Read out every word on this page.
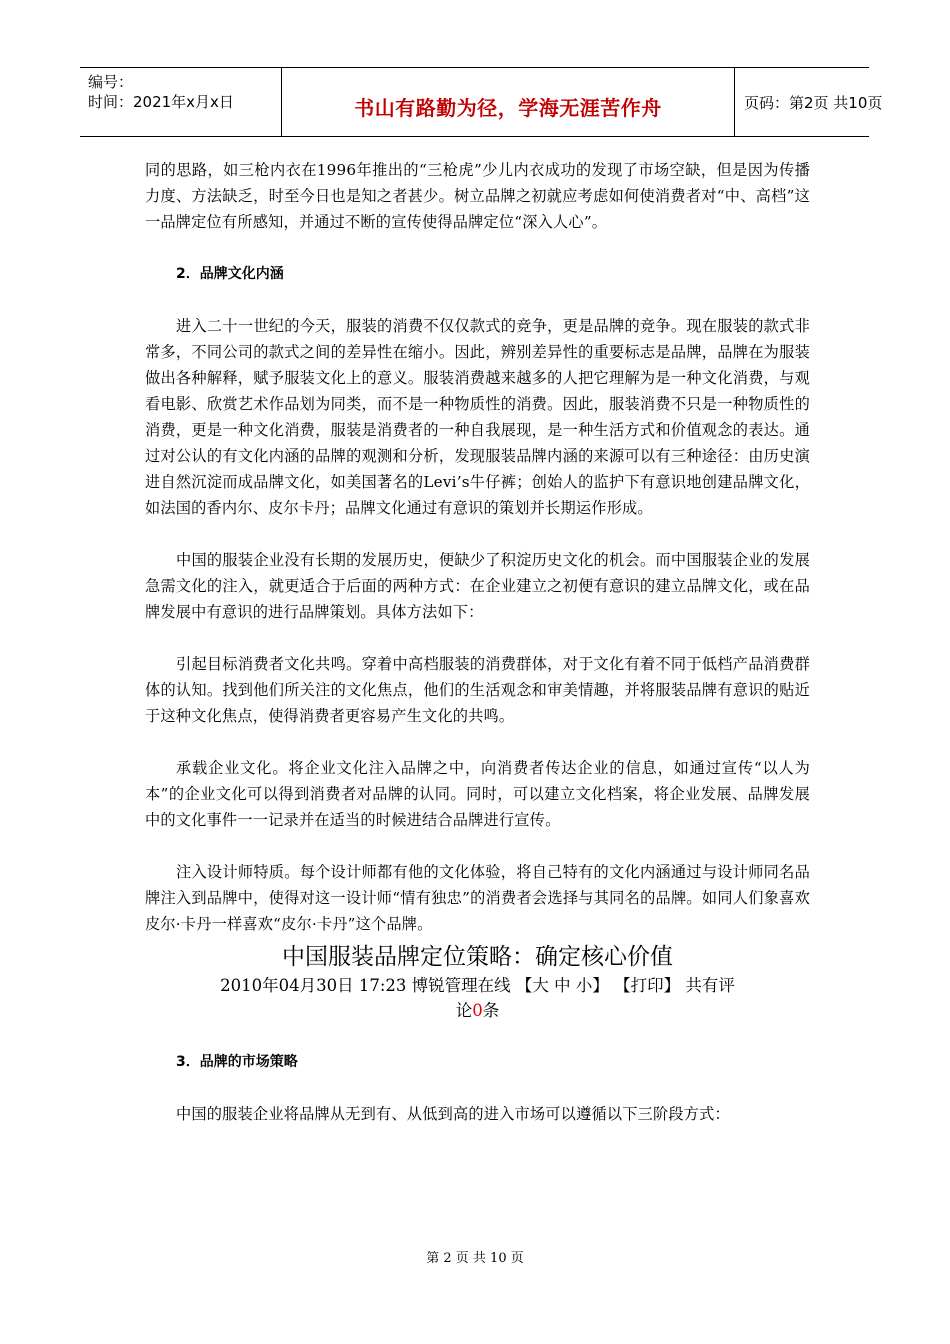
编号：
时间：2021年x月x日	书山有路勤为径，学海无涯苦作舟	页码：第2页 共10页

同的思路，如三枪内衣在1996年推出的“三枪虎”少儿内衣成功的发现了市场空缺，但是因为传播力度、方法缺乏，时至今日也是知之者甚少。树立品牌之初就应考虑如何使消费者对“中、高档”这一品牌定位有所感知，并通过不断的宣传使得品牌定位“深入人心”。

2．品牌文化内涵

进入二十一世纪的今天，服装的消费不仅仅款式的竞争，更是品牌的竞争。现在服装的款式非常多，不同公司的款式之间的差异性在缩小。因此，辨别差异性的重要标志是品牌，品牌在为服装做出各种解释，赋予服装文化上的意义。服装消费越来越多的人把它理解为是一种文化消费，与观看电影、欣赏艺术作品划为同类，而不是一种物质性的消费。因此，服装消费不只是一种物质性的消费，更是一种文化消费，服装是消费者的一种自我展现，是一种生活方式和价值观念的表达。通过对公认的有文化内涵的品牌的观测和分析，发现服装品牌内涵的来源可以有三种途径：由历史演进自然沉淀而成品牌文化，如美国著名的Levi’s牛仔裤；创始人的监护下有意识地创建品牌文化，如法国的香内尔、皮尔卡丹；品牌文化通过有意识的策划并长期运作形成。

中国的服装企业没有长期的发展历史，便缺少了积淀历史文化的机会。而中国服装企业的发展急需文化的注入，就更适合于后面的两种方式：在企业建立之初便有意识的建立品牌文化，或在品牌发展中有意识的进行品牌策划。具体方法如下：

引起目标消费者文化共鸣。穿着中高档服装的消费群体，对于文化有着不同于低档产品消费群体的认知。找到他们所关注的文化焦点，他们的生活观念和审美情趣，并将服装品牌有意识的贴近于这种文化焦点，使得消费者更容易产生文化的共鸣。

承载企业文化。将企业文化注入品牌之中，向消费者传达企业的信息，如通过宣传“以人为本”的企业文化可以得到消费者对品牌的认同。同时，可以建立文化档案，将企业发展、品牌发展中的文化事件一一记录并在适当的时候进结合品牌进行宣传。

注入设计师特质。每个设计师都有他的文化体验，将自己特有的文化内涵通过与设计师同名品牌注入到品牌中，使得对这一设计师“情有独忠”的消费者会选择与其同名的品牌。如同人们象喜欢皮尔·卡丹一样喜欢“皮尔·卡丹”这个品牌。

中国服装品牌定位策略：确定核心价值

2010年04月30日 17:23 博锐管理在线 【大 中 小】 【打印】 共有评
论0条

3．品牌的市场策略

中国的服装企业将品牌从无到有、从低到高的进入市场可以遵循以下三阶段方式：

第 2 页 共 10 页
